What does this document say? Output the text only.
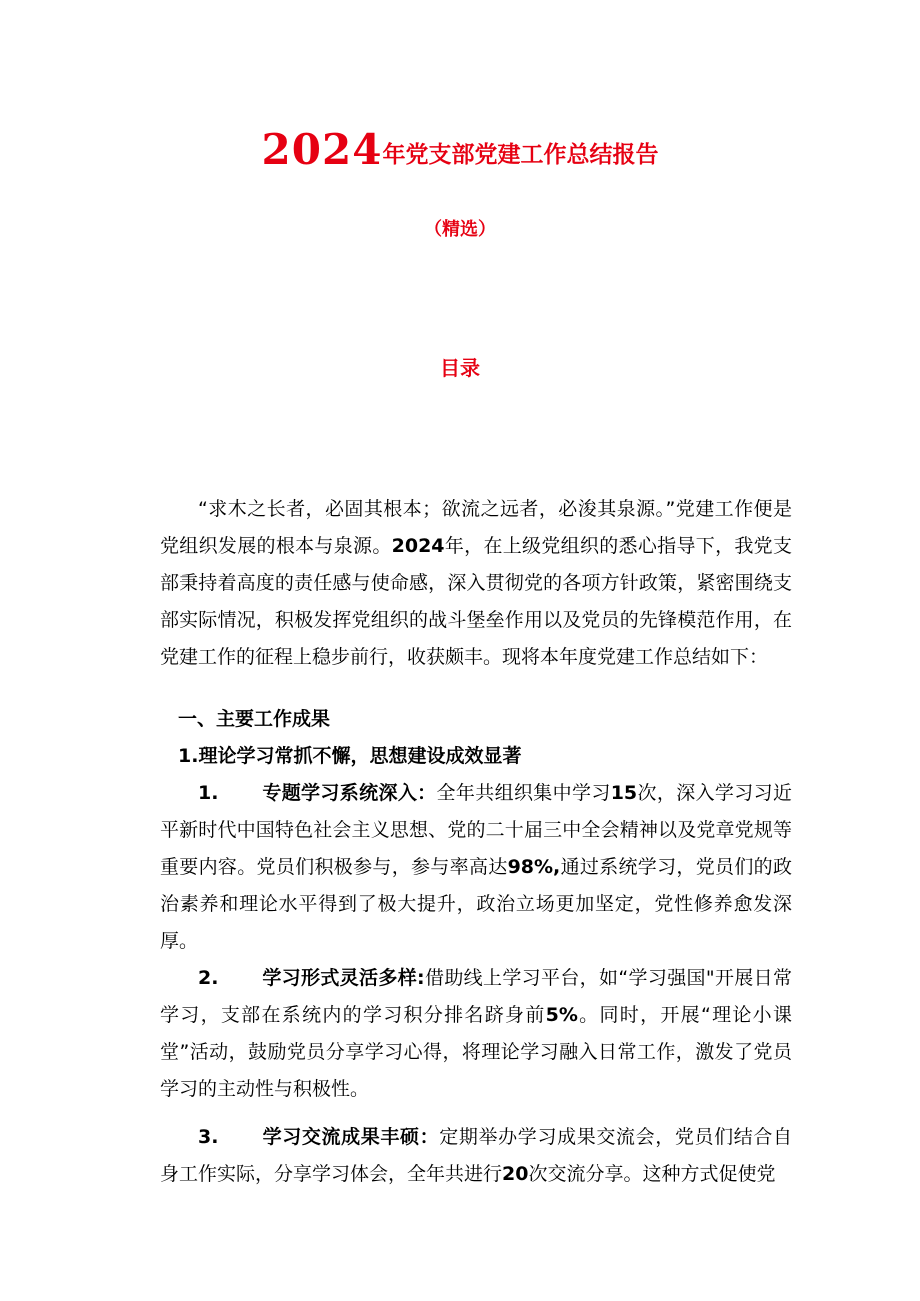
2024年党支部党建工作总结报告
（精选）
目录
“求木之长者，必固其根本；欲流之远者，必浚其泉源。”党建工作便是党组织发展的根本与泉源。2024年，在上级党组织的悉心指导下，我党支部秉持着高度的责任感与使命感，深入贯彻党的各项方针政策，紧密围绕支部实际情况，积极发挥党组织的战斗堡垒作用以及党员的先锋模范作用，在党建工作的征程上稳步前行，收获颇丰。现将本年度党建工作总结如下：
一、主要工作成果
1.理论学习常抓不懈，思想建设成效显著
1. 专题学习系统深入：全年共组织集中学习15次，深入学习习近平新时代中国特色社会主义思想、党的二十届三中全会精神以及党章党规等重要内容。党员们积极参与，参与率高达98%,通过系统学习，党员们的政治素养和理论水平得到了极大提升，政治立场更加坚定，党性修养愈发深厚。
2. 学习形式灵活多样:借助线上学习平台，如“学习强国"开展日常学习，支部在系统内的学习积分排名跻身前5%。同时，开展“理论小课堂”活动，鼓励党员分享学习心得，将理论学习融入日常工作，激发了党员学习的主动性与积极性。
3. 学习交流成果丰硕：定期举办学习成果交流会，党员们结合自身工作实际，分享学习体会，全年共进行20次交流分享。这种方式促使党
